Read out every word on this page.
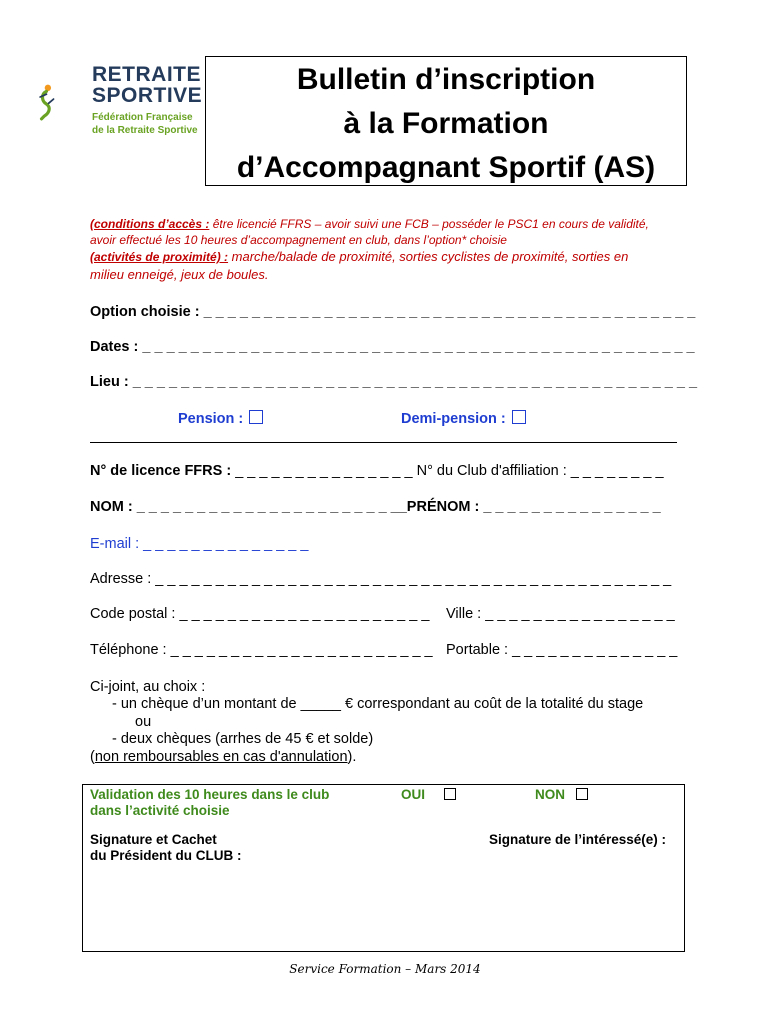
RETRAITE
SPORTIVE
Fédération Française
de la Retraite Sportive
Bulletin d’inscription
à la Formation
d’Accompagnant Sportif (AS)
(conditions d’accès : être licencié FFRS – avoir suivi une FCB – posséder le PSC1 en cours de validité,
avoir effectué les 10 heures d’accompagnement en club, dans l’option* choisie
(activités de proximité) : marche/balade de proximité, sorties cyclistes de proximité, sorties en
milieu enneigé, jeux de boules.
Option choisie : _ _ _ _ _ _ _ _ _ _ _ _ _ _ _ _ _ _ _ _ _ _ _ _ _ _ _ _ _ _ _ _ _ _ _ _ _ _ _ _ _
Dates : _ _ _ _ _ _ _ _ _ _ _ _ _ _ _ _ _ _ _ _ _ _ _ _ _ _ _ _ _ _ _ _ _ _ _ _ _ _ _ _ _ _ _ _ _ _
Lieu : _ _ _ _ _ _ _ _ _ _ _ _ _ _ _ _ _ _ _ _ _ _ _ _ _ _ _ _ _ _ _ _ _ _ _ _ _ _ _ _ _ _ _ _ _ _ _
Pension :	Demi-pension :
N° de licence FFRS : _ _ _ _ _ _ _ _ _ _ _ _ _ _ _ N° du Club d'affiliation : _ _ _ _ _ _ _ _
NOM : _ _ _ _ _ _ _ _ _ _ _ _ _ _ _ _ _ _ _ _ _ __PRÉNOM : _ _ _ _ _ _ _ _ _ _ _ _ _ _ _
E-mail : _ _ _ _ _ _ _ _ _ _ _ _ _ _
Adresse : _ _ _ _ _ _ _ _ _ _ _ _ _ _ _ _ _ _ _ _ _ _ _ _ _ _ _ _ _ _ _ _ _ _ _ _ _ _ _ _ _ _ _
Code postal : _ _ _ _ _ _ _ _ _ _ _ _ _ _ _ _ _ _ _ _ _ Ville : _ _ _ _ _ _ _ _ _ _ _ _ _ _ _ _
Téléphone : _ _ _ _ _ _ _ _ _ _ _ _ _ _ _ _ _ _ _ _ _ _ Portable : _ _ _ _ _ _ _ _ _ _ _ _ _ _
Ci-joint, au choix :
- un chèque d’un montant de _____ € correspondant au coût de la totalité du stage
ou
- deux chèques (arrhes de 45 € et solde)
(non remboursables en cas d'annulation).
Validation des 10 heures dans le club
dans l’activité choisie
OUI	NON
Signature et Cachet
du Président du CLUB :
Signature de l’intéressé(e) :
Service Formation – Mars 2014
